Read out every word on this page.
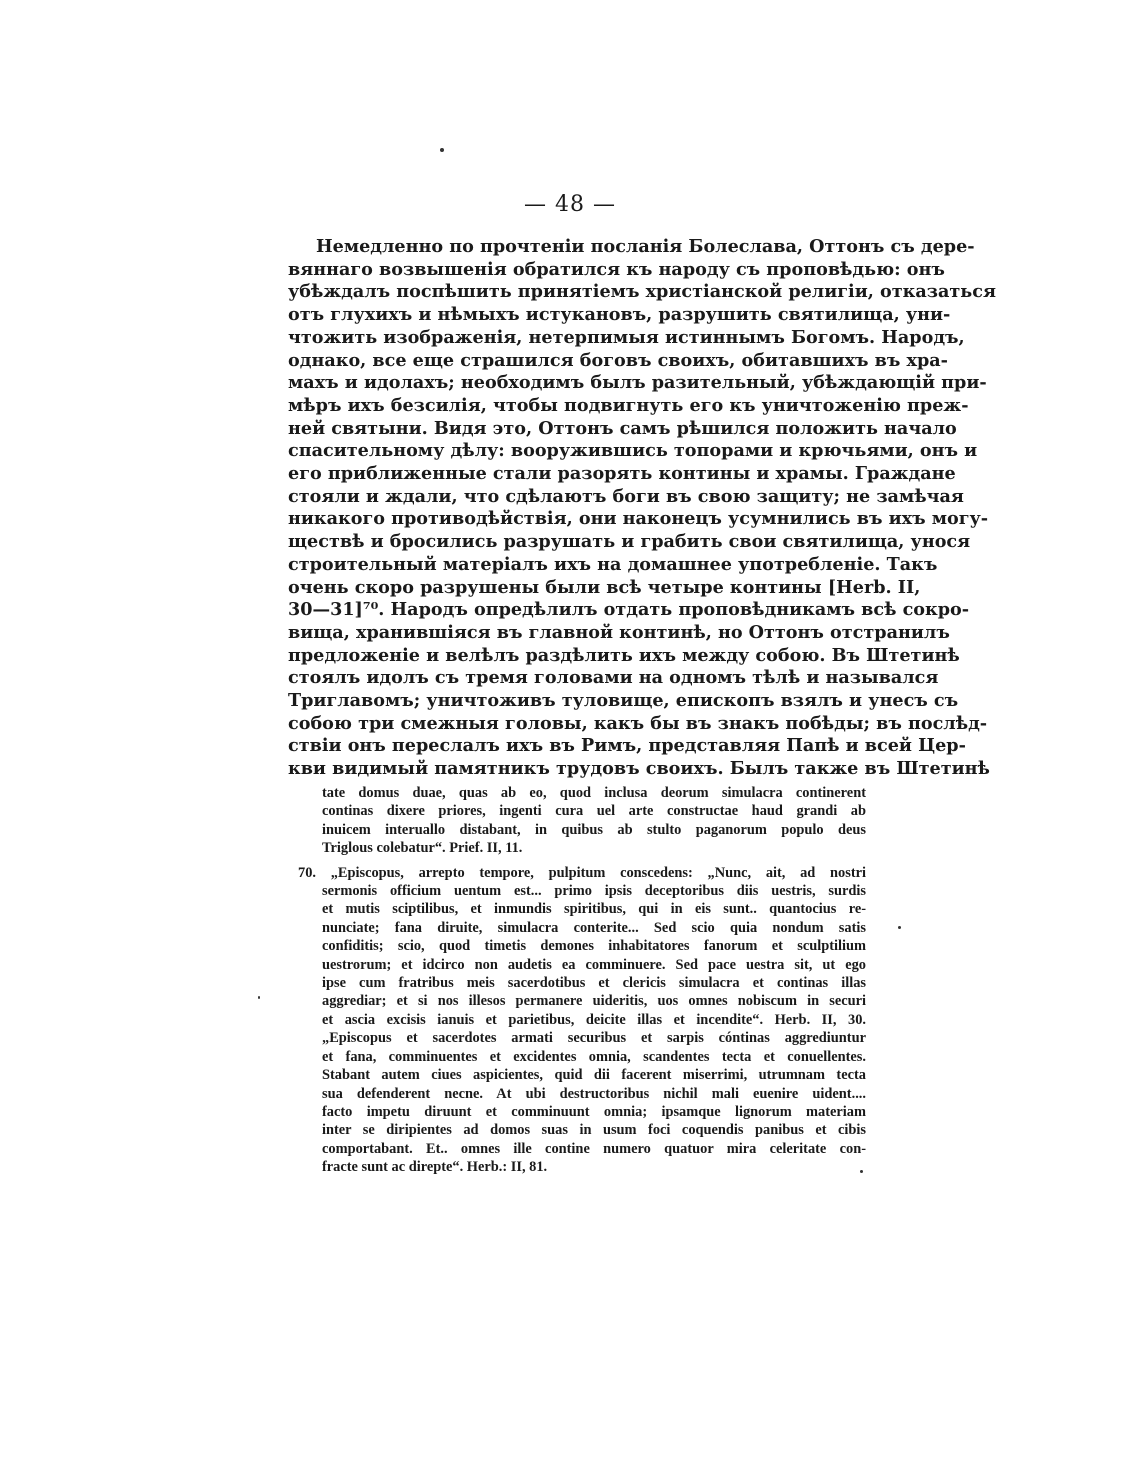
— 48 —
Немедленно по прочтеніи посланія Болеслава, Оттонъ съ дере-
вяннаго возвышенія обратился къ народу съ проповѣдью: онъ
убѣждалъ поспѣшить принятіемъ христіанской религіи, отказаться
отъ глухихъ и нѣмыхъ истукановъ, разрушить святилища, уни-
чтожить изображенія, нетерпимыя истиннымъ Богомъ. Народъ,
однако, все еще страшился боговъ своихъ, обитавшихъ въ хра-
махъ и идолахъ; необходимъ былъ разительный, убѣждающій при-
мѣръ ихъ безсилія, чтобы подвигнуть его къ уничтоженію преж-
ней святыни. Видя это, Оттонъ самъ рѣшился положить начало
спасительному дѣлу: вооружившись топорами и крючьями, онъ и
его приближенные стали разорять контины и храмы. Граждане
стояли и ждали, что сдѣлаютъ боги въ свою защиту; не замѣчая
никакого противодѣйствія, они наконецъ усумнились въ ихъ могу-
ществѣ и бросились разрушать и грабить свои святилища, унося
строительный матеріалъ ихъ на домашнее употребленіе. Такъ
очень скоро разрушены были всѣ четыре контины [Herb. II,
30—31]⁷⁰. Народъ опредѣлилъ отдать проповѣдникамъ всѣ сокро-
вища, хранившіяся въ главной континѣ, но Оттонъ отстранилъ
предложеніе и велѣлъ раздѣлить ихъ между собою. Въ Штетинѣ
стоялъ идолъ съ тремя головами на одномъ тѣлѣ и назывался
Триглавомъ; уничтоживъ туловище, епископъ взялъ и унесъ съ
собою три смежныя головы, какъ бы въ знакъ побѣды; въ послѣд-
ствіи онъ переслалъ ихъ въ Римъ, представляя Папѣ и всей Цер-
кви видимый памятникъ трудовъ своихъ. Былъ также въ Штетинѣ
tate domus duae, quas ab eo, quod inclusa deorum simulacra continerent
continas dixere priores, ingenti cura uel arte constructae haud grandi ab
inuicem interuallo distabant, in quibus ab stulto paganorum populo deus
Triglous colebatur“. Prief. II, 11.
70. „Episcopus, arrepto tempore, pulpitum conscedens: „Nunc, ait, ad nostri
sermonis officium uentum est... primo ipsis deceptoribus diis uestris, surdis
et mutis sciptilibus, et inmundis spiritibus, qui in eis sunt.. quantocius re-
nunciate; fana diruite, simulacra conterite... Sed scio quia nondum satis
confiditis; scio, quod timetis demones inhabitatores fanorum et sculptilium
uestrorum; et idcirco non audetis ea comminuere. Sed pace uestra sit, ut ego
ipse cum fratribus meis sacerdotibus et clericis simulacra et continas illas
aggrediar; et si nos illesos permanere uideritis, uos omnes nobiscum in securi
et ascia excisis ianuis et parietibus, deicite illas et incendite“. Herb. II, 30.
„Episcopus et sacerdotes armati securibus et sarpis cóntinas aggrediuntur
et fana, comminuentes et excidentes omnia, scandentes tecta et conuellentes.
Stabant autem ciues aspicientes, quid dii facerent miserrimi, utrumnam tecta
sua defenderent necne. At ubi destructoribus nichil mali euenire uident....
facto impetu diruunt et comminuunt omnia; ipsamque lignorum materiam
inter se diripientes ad domos suas in usum foci coquendis panibus et cibis
comportabant. Et.. omnes ille contine numero quatuor mira celeritate con-
fracte sunt ac direpte“. Herb.: II, 81.
